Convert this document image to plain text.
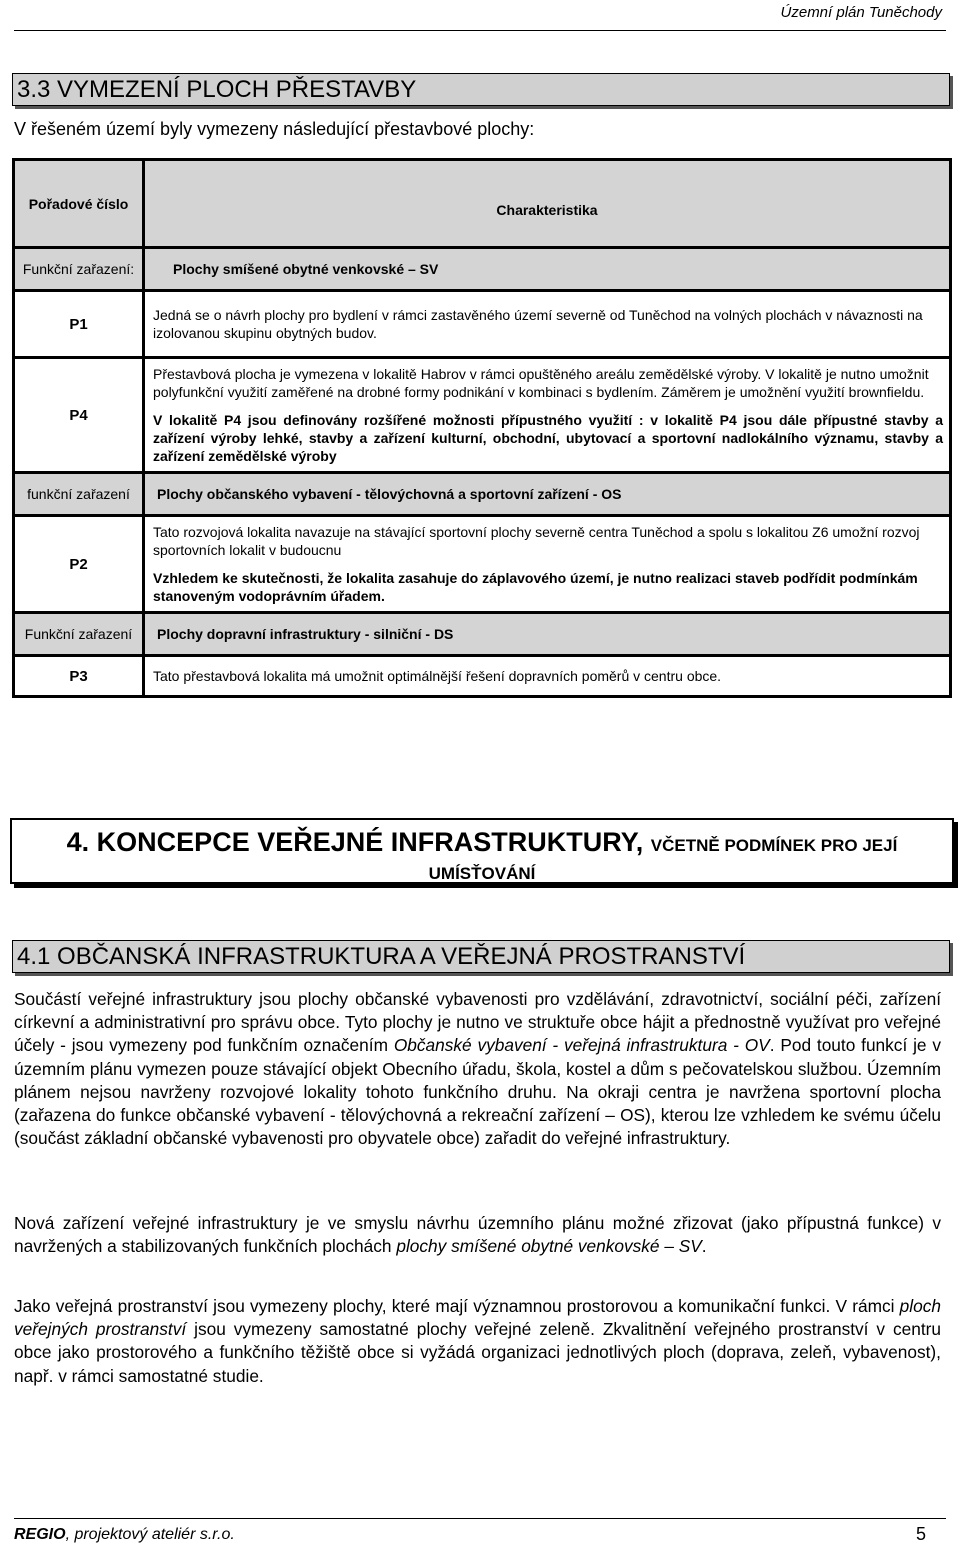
Územní plán Tuněchody
3.3 VYMEZENÍ PLOCH PŘESTAVBY
V řešeném území byly vymezeny následující přestavbové plochy:
Pořadové číslo	Charakteristika
Funkční zařazení:	Plochy smíšené obytné venkovské – SV
P1	Jedná se o návrh plochy pro bydlení v rámci zastavěného území severně od Tuněchod na volných plochách v návaznosti na izolovanou skupinu obytných budov.

P4	Přestavbová plocha je vymezena v lokalitě Habrov v rámci opuštěného areálu zemědělské výroby. V lokalitě je nutno umožnit polyfunkční využití zaměřené na drobné formy podnikání v kombinaci s bydlením. Záměrem je umožnění využití brownfieldu.

V lokalitě P4 jsou definovány rozšířené možnosti přípustného využití : v lokalitě P4 jsou dále přípustné stavby a zařízení výroby lehké, stavby a zařízení kulturní, obchodní, ubytovací a sportovní nadlokálního významu, stavby a zařízení zemědělské výroby

funkční zařazení	Plochy občanského vybavení - tělovýchovná a sportovní zařízení - OS
P2	Tato rozvojová lokalita navazuje na stávající sportovní plochy severně centra Tuněchod a spolu s lokalitou Z6 umožní rozvoj sportovních lokalit v budoucnu

Vzhledem ke skutečnosti, že lokalita zasahuje do záplavového území, je nutno realizaci staveb podřídit podmínkám stanoveným vodoprávním úřadem.

Funkční zařazení	Plochy dopravní infrastruktury - silniční - DS
P3	Tato přestavbová lokalita má umožnit optimálnější řešení dopravních poměrů v centru obce.

4. KONCEPCE VEŘEJNÉ INFRASTRUKTURY, VČETNĚ PODMÍNEK PRO JEJÍ
UMÍSŤOVÁNÍ
4.1 OBČANSKÁ INFRASTRUKTURA A VEŘEJNÁ PROSTRANSTVÍ

Součástí veřejné infrastruktury jsou plochy občanské vybavenosti pro vzdělávání, zdravotnictví, sociální péči, zařízení církevní a administrativní pro správu obce. Tyto plochy je nutno ve struktuře obce hájit a přednostně využívat pro veřejné účely - jsou vymezeny pod funkčním označením Občanské vybavení - veřejná infrastruktura - OV. Pod touto funkcí je v územním plánu vymezen pouze stávající objekt Obecního úřadu, škola, kostel a dům s pečovatelskou službou. Územním plánem nejsou navrženy rozvojové lokality tohoto funkčního druhu. Na okraji centra je navržena sportovní plocha (zařazena do funkce občanské vybavení - tělovýchovná a rekreační zařízení – OS), kterou lze vzhledem ke svému účelu (součást základní občanské vybavenosti pro obyvatele obce) zařadit do veřejné infrastruktury.

Nová zařízení veřejné infrastruktury je ve smyslu návrhu územního plánu možné zřizovat (jako přípustná funkce) v navržených a stabilizovaných funkčních plochách plochy smíšené obytné venkovské – SV.

Jako veřejná prostranství jsou vymezeny plochy, které mají významnou prostorovou a komunikační funkci. V rámci ploch veřejných prostranství jsou vymezeny samostatné plochy veřejné zeleně. Zkvalitnění veřejného prostranství v centru obce jako prostorového a funkčního těžiště obce si vyžádá organizaci jednotlivých ploch (doprava, zeleň, vybavenost), např. v rámci samostatné studie.

REGIO, projektový ateliér s.r.o.	5
